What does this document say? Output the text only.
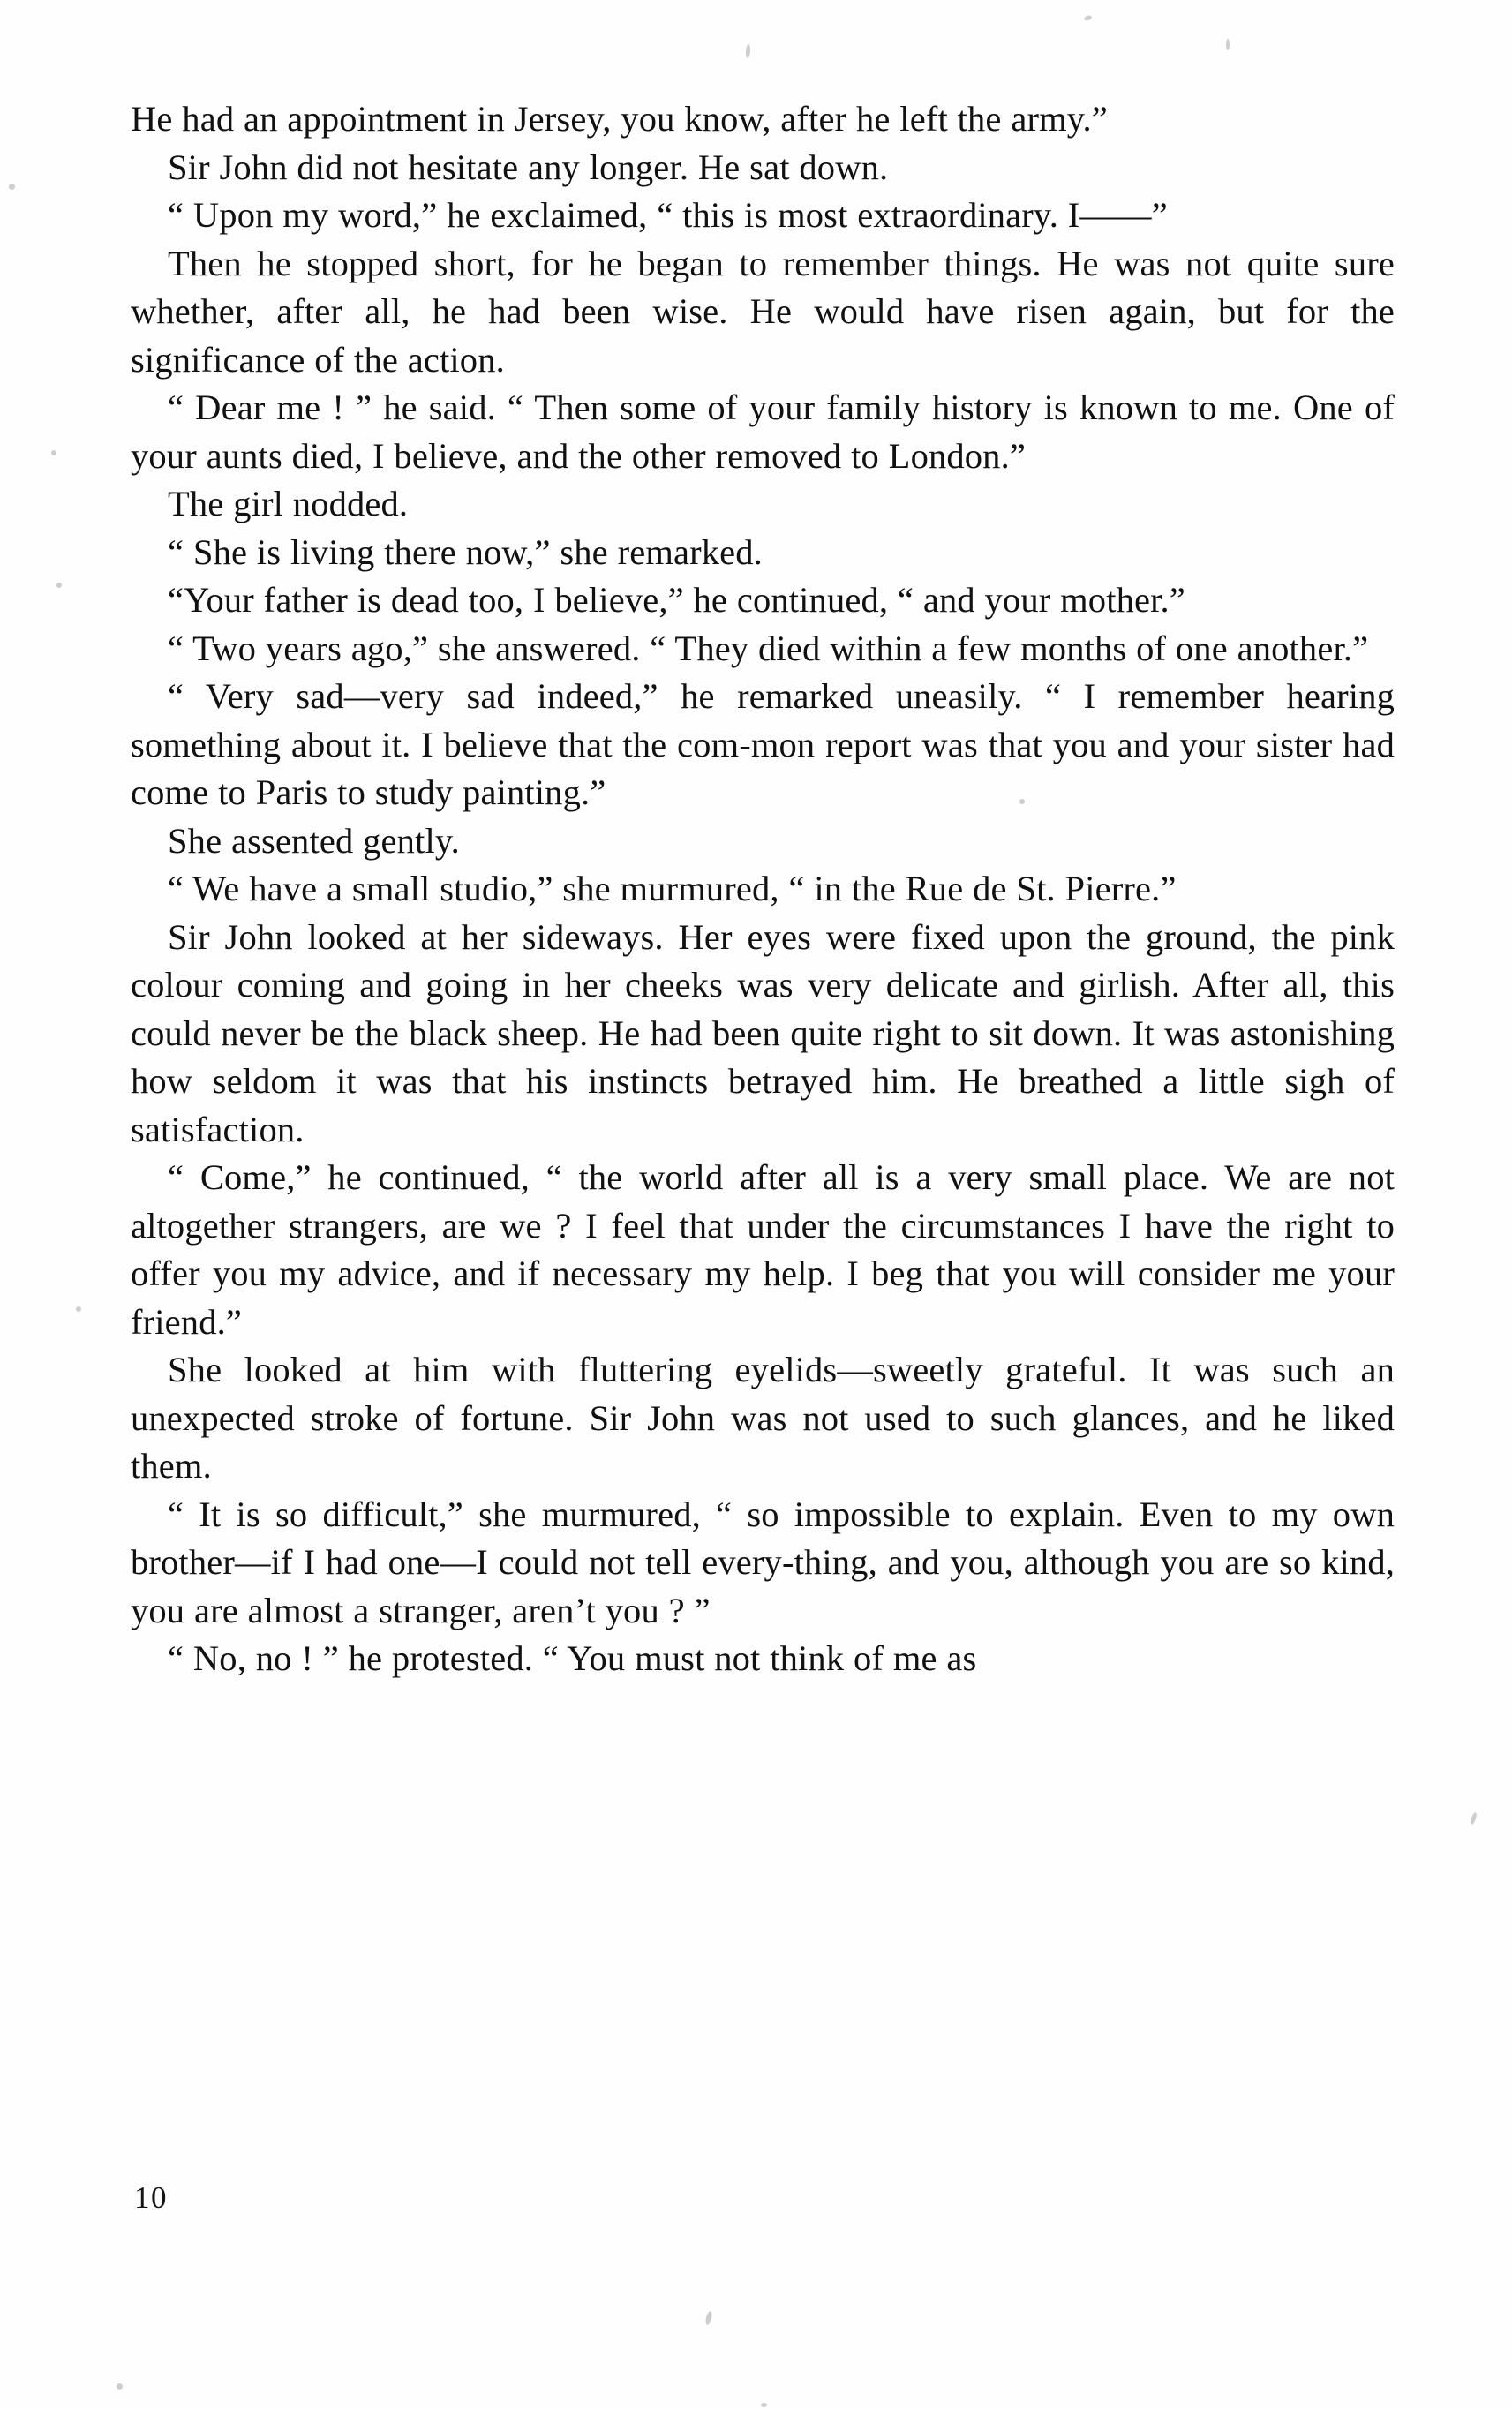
He had an appointment in Jersey, you know, after he left the army.”

Sir John did not hesitate any longer. He sat down.

“ Upon my word,” he exclaimed, “ this is most extraordinary. I——”

Then he stopped short, for he began to remember things. He was not quite sure whether, after all, he had been wise. He would have risen again, but for the significance of the action.

“ Dear me ! ” he said. “ Then some of your family history is known to me. One of your aunts died, I believe, and the other removed to London.”

The girl nodded.

“ She is living there now,” she remarked.

“Your father is dead too, I believe,” he continued, “ and your mother.”

“ Two years ago,” she answered. “ They died within a few months of one another.”

“ Very sad—very sad indeed,” he remarked uneasily. “ I remember hearing something about it. I believe that the com-mon report was that you and your sister had come to Paris to study painting.”

She assented gently.

“ We have a small studio,” she murmured, “ in the Rue de St. Pierre.”

Sir John looked at her sideways. Her eyes were fixed upon the ground, the pink colour coming and going in her cheeks was very delicate and girlish. After all, this could never be the black sheep. He had been quite right to sit down. It was astonishing how seldom it was that his instincts betrayed him. He breathed a little sigh of satisfaction.

“ Come,” he continued, “ the world after all is a very small place. We are not altogether strangers, are we ? I feel that under the circumstances I have the right to offer you my advice, and if necessary my help. I beg that you will consider me your friend.”

She looked at him with fluttering eyelids—sweetly grateful. It was such an unexpected stroke of fortune. Sir John was not used to such glances, and he liked them.

“ It is so difficult,” she murmured, “ so impossible to explain. Even to my own brother—if I had one—I could not tell every-thing, and you, although you are so kind, you are almost a stranger, aren’t you ? ”

“ No, no ! ” he protested. “ You must not think of me as

10
